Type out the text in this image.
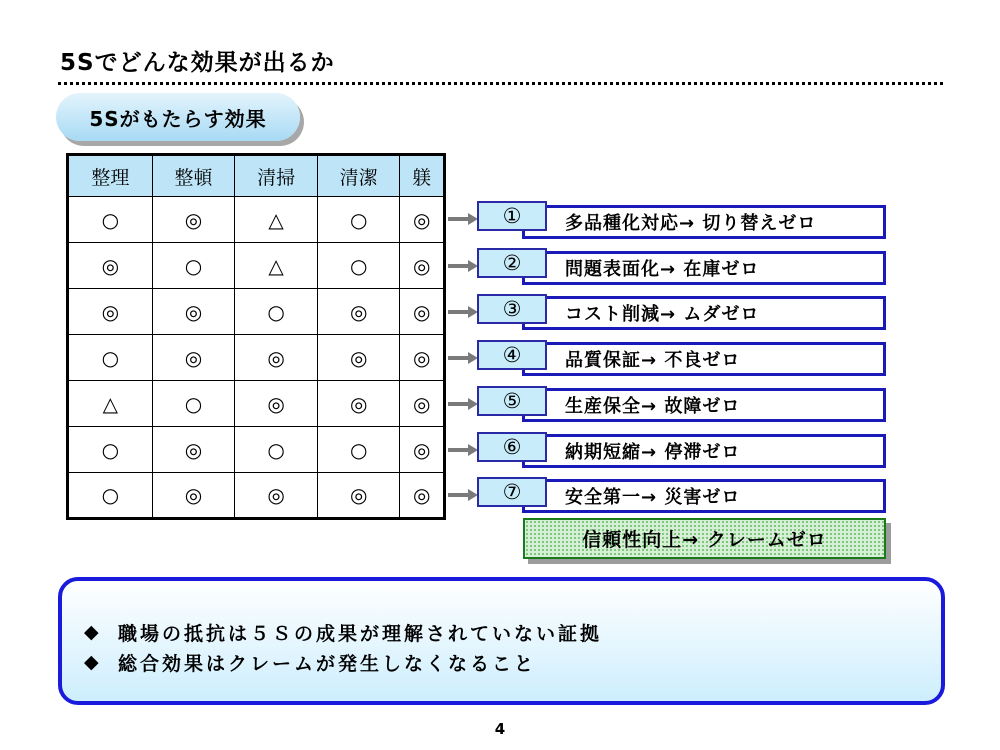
5Sでどんな効果が出るか
5Sがもたらす効果
整理	整頓	清掃	清潔	躾
○	◎	△	○	◎
◎	○	△	○	◎
◎	◎	○	◎	◎
○	◎	◎	◎	◎
△	○	◎	◎	◎
○	◎	○	○	◎
○	◎	◎	◎	◎
①
②
③
④
⑤
⑥
⑦
多品種化対応→ 切り替えゼロ
問題表面化→ 在庫ゼロ
コスト削減→ ムダゼロ
品質保証→ 不良ゼロ
生産保全→ 故障ゼロ
納期短縮→ 停滞ゼロ
安全第一→ 災害ゼロ
信頼性向上→ クレームゼロ
◆	職場の抵抗は５Ｓの成果が理解されていない証拠
◆	総合効果はクレームが発生しなくなること
4
